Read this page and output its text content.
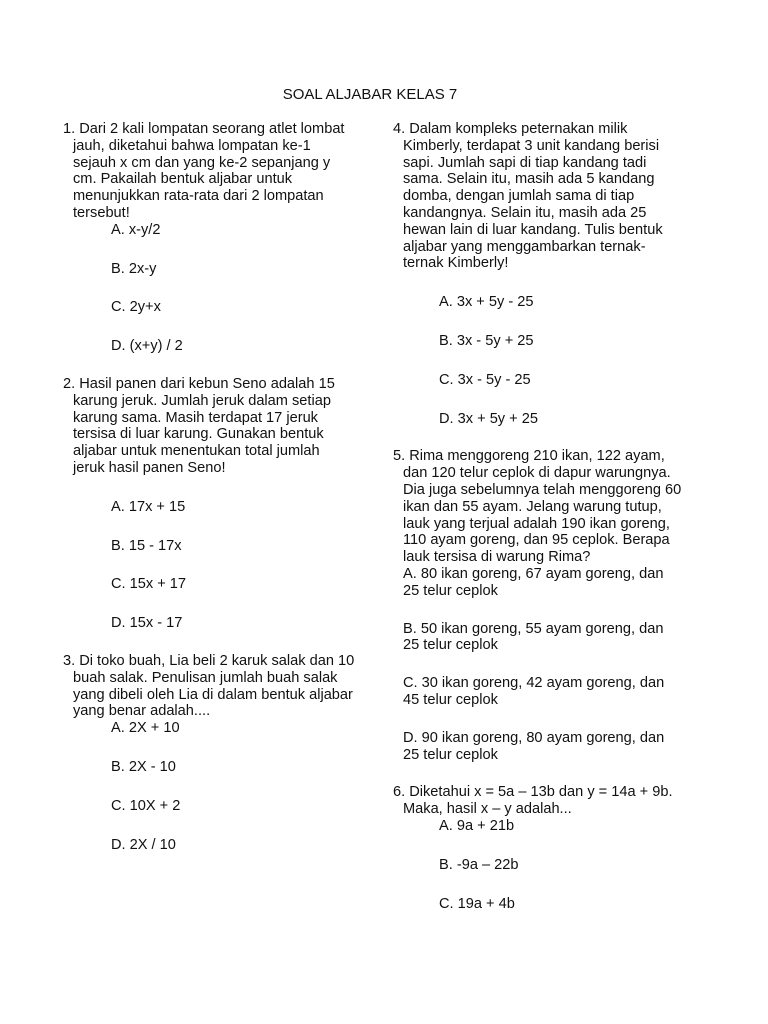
SOAL ALJABAR KELAS 7

1. Dari 2 kali lompatan seorang atlet lombat jauh, diketahui bahwa lompatan ke-1 sejauh x cm dan yang ke-2 sepanjang y cm. Pakailah bentuk aljabar untuk menunjukkan rata-rata dari 2 lompatan tersebut!

A. x-y/2

B. 2x-y

C. 2y+x

D. (x+y) / 2

2. Hasil panen dari kebun Seno adalah 15 karung jeruk. Jumlah jeruk dalam setiap karung sama. Masih terdapat 17 jeruk tersisa di luar karung. Gunakan bentuk aljabar untuk menentukan total jumlah jeruk hasil panen Seno!

A. 17x + 15

B. 15 - 17x

C. 15x + 17

D. 15x - 17

3. Di toko buah, Lia beli 2 karuk salak dan 10 buah salak. Penulisan jumlah buah salak yang dibeli oleh Lia di dalam bentuk aljabar yang benar adalah....

A. 2X + 10

B. 2X - 10

C. 10X + 2

D. 2X / 10

4. Dalam kompleks peternakan milik Kimberly, terdapat 3 unit kandang berisi sapi. Jumlah sapi di tiap kandang tadi sama. Selain itu, masih ada 5 kandang domba, dengan jumlah sama di tiap kandangnya. Selain itu, masih ada 25 hewan lain di luar kandang. Tulis bentuk aljabar yang menggambarkan ternak-ternak Kimberly!

A. 3x + 5y - 25

B. 3x - 5y + 25

C. 3x - 5y - 25

D. 3x + 5y + 25

5. Rima menggoreng 210 ikan, 122 ayam, dan 120 telur ceplok di dapur warungnya. Dia juga sebelumnya telah menggoreng 60 ikan dan 55 ayam. Jelang warung tutup, lauk yang terjual adalah 190 ikan goreng, 110 ayam goreng, dan 95 ceplok. Berapa lauk tersisa di warung Rima?

A. 80 ikan goreng, 67 ayam goreng, dan 25 telur ceplok

B. 50 ikan goreng, 55 ayam goreng, dan 25 telur ceplok

C. 30 ikan goreng, 42 ayam goreng, dan 45 telur ceplok

D. 90 ikan goreng, 80 ayam goreng, dan 25 telur ceplok

6. Diketahui x = 5a – 13b dan y = 14a + 9b. Maka, hasil x – y adalah...

A. 9a + 21b

B. -9a – 22b

C. 19a + 4b
